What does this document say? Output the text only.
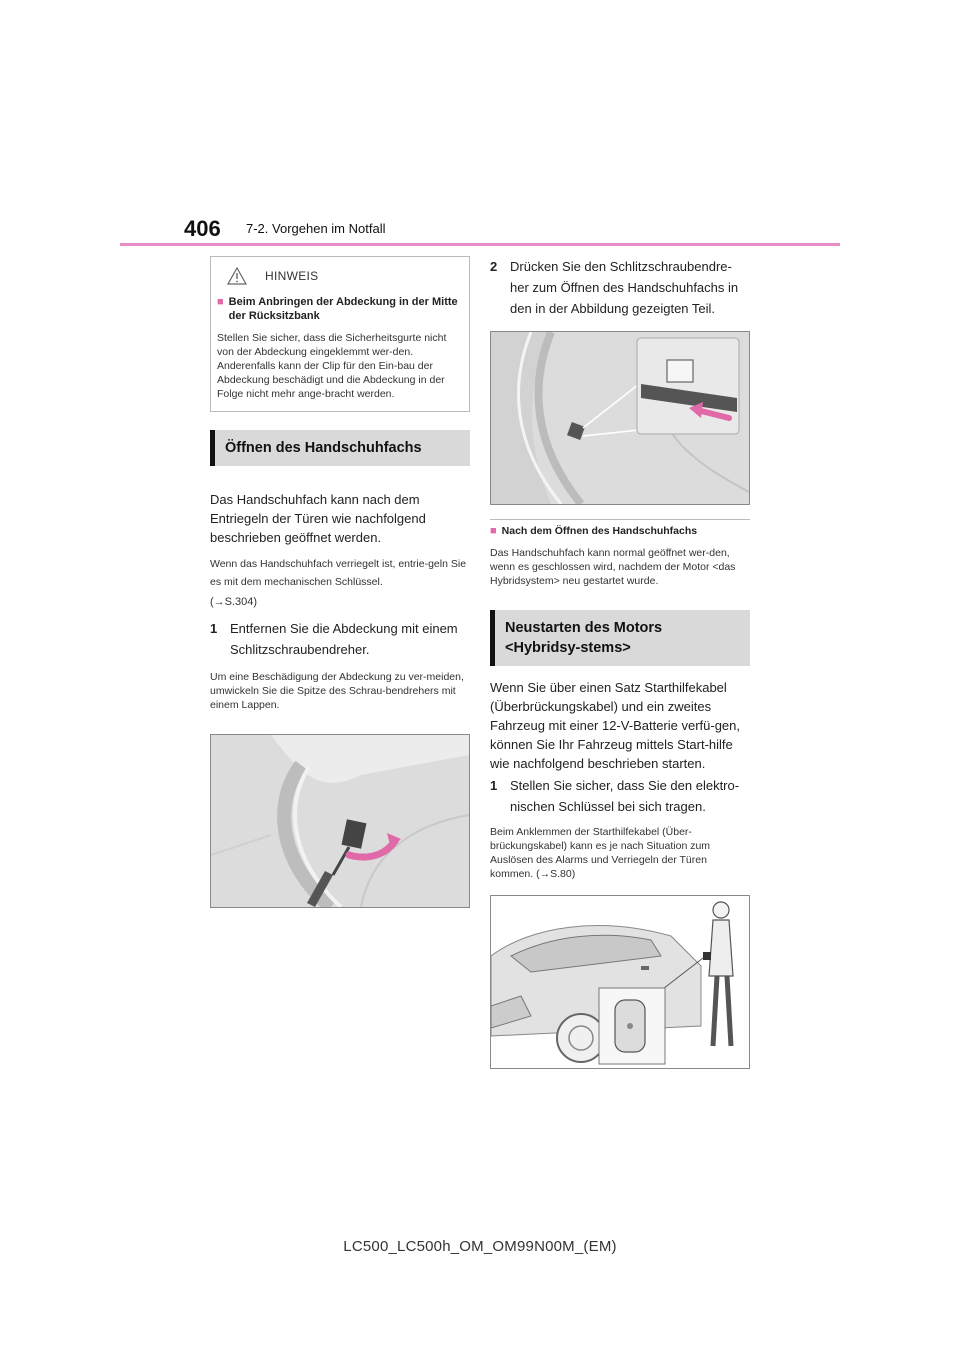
406 7-2. Vorgehen im Notfall
HINWEIS
■ Beim Anbringen der Abdeckung in der Mitte der Rücksitzbank
Stellen Sie sicher, dass die Sicherheitsgurte nicht von der Abdeckung eingeklemmt wer-den. Anderenfalls kann der Clip für den Ein-bau der Abdeckung beschädigt und die Abdeckung in der Folge nicht mehr ange-bracht werden.
Öffnen des Handschuhfachs
Das Handschuhfach kann nach dem Entriegeln der Türen wie nachfolgend beschrieben geöffnet werden.
Wenn das Handschuhfach verriegelt ist, entrie-geln Sie es mit dem mechanischen Schlüssel.
(→S.304)
1 Entfernen Sie die Abdeckung mit einem Schlitzschraubendreher.
Um eine Beschädigung der Abdeckung zu ver-meiden, umwickeln Sie die Spitze des Schrau-bendrehers mit einem Lappen.
2 Drücken Sie den Schlitzschraubendre-her zum Öffnen des Handschuhfachs in den in der Abbildung gezeigten Teil.
■ Nach dem Öffnen des Handschuhfachs
Das Handschuhfach kann normal geöffnet wer-den, wenn es geschlossen wird, nachdem der Motor <das Hybridsystem> neu gestartet wurde.
Neustarten des Motors <Hybridsy-stems>
Wenn Sie über einen Satz Starthilfekabel (Überbrückungskabel) und ein zweites Fahrzeug mit einer 12-V-Batterie verfü-gen, können Sie Ihr Fahrzeug mittels Start-hilfe wie nachfolgend beschrieben starten.
1 Stellen Sie sicher, dass Sie den elektro-nischen Schlüssel bei sich tragen.
Beim Anklemmen der Starthilfekabel (Über-brückungskabel) kann es je nach Situation zum Auslösen des Alarms und Verriegeln der Türen kommen. (→S.80)
LC500_LC500h_OM_OM99N00M_(EM)
